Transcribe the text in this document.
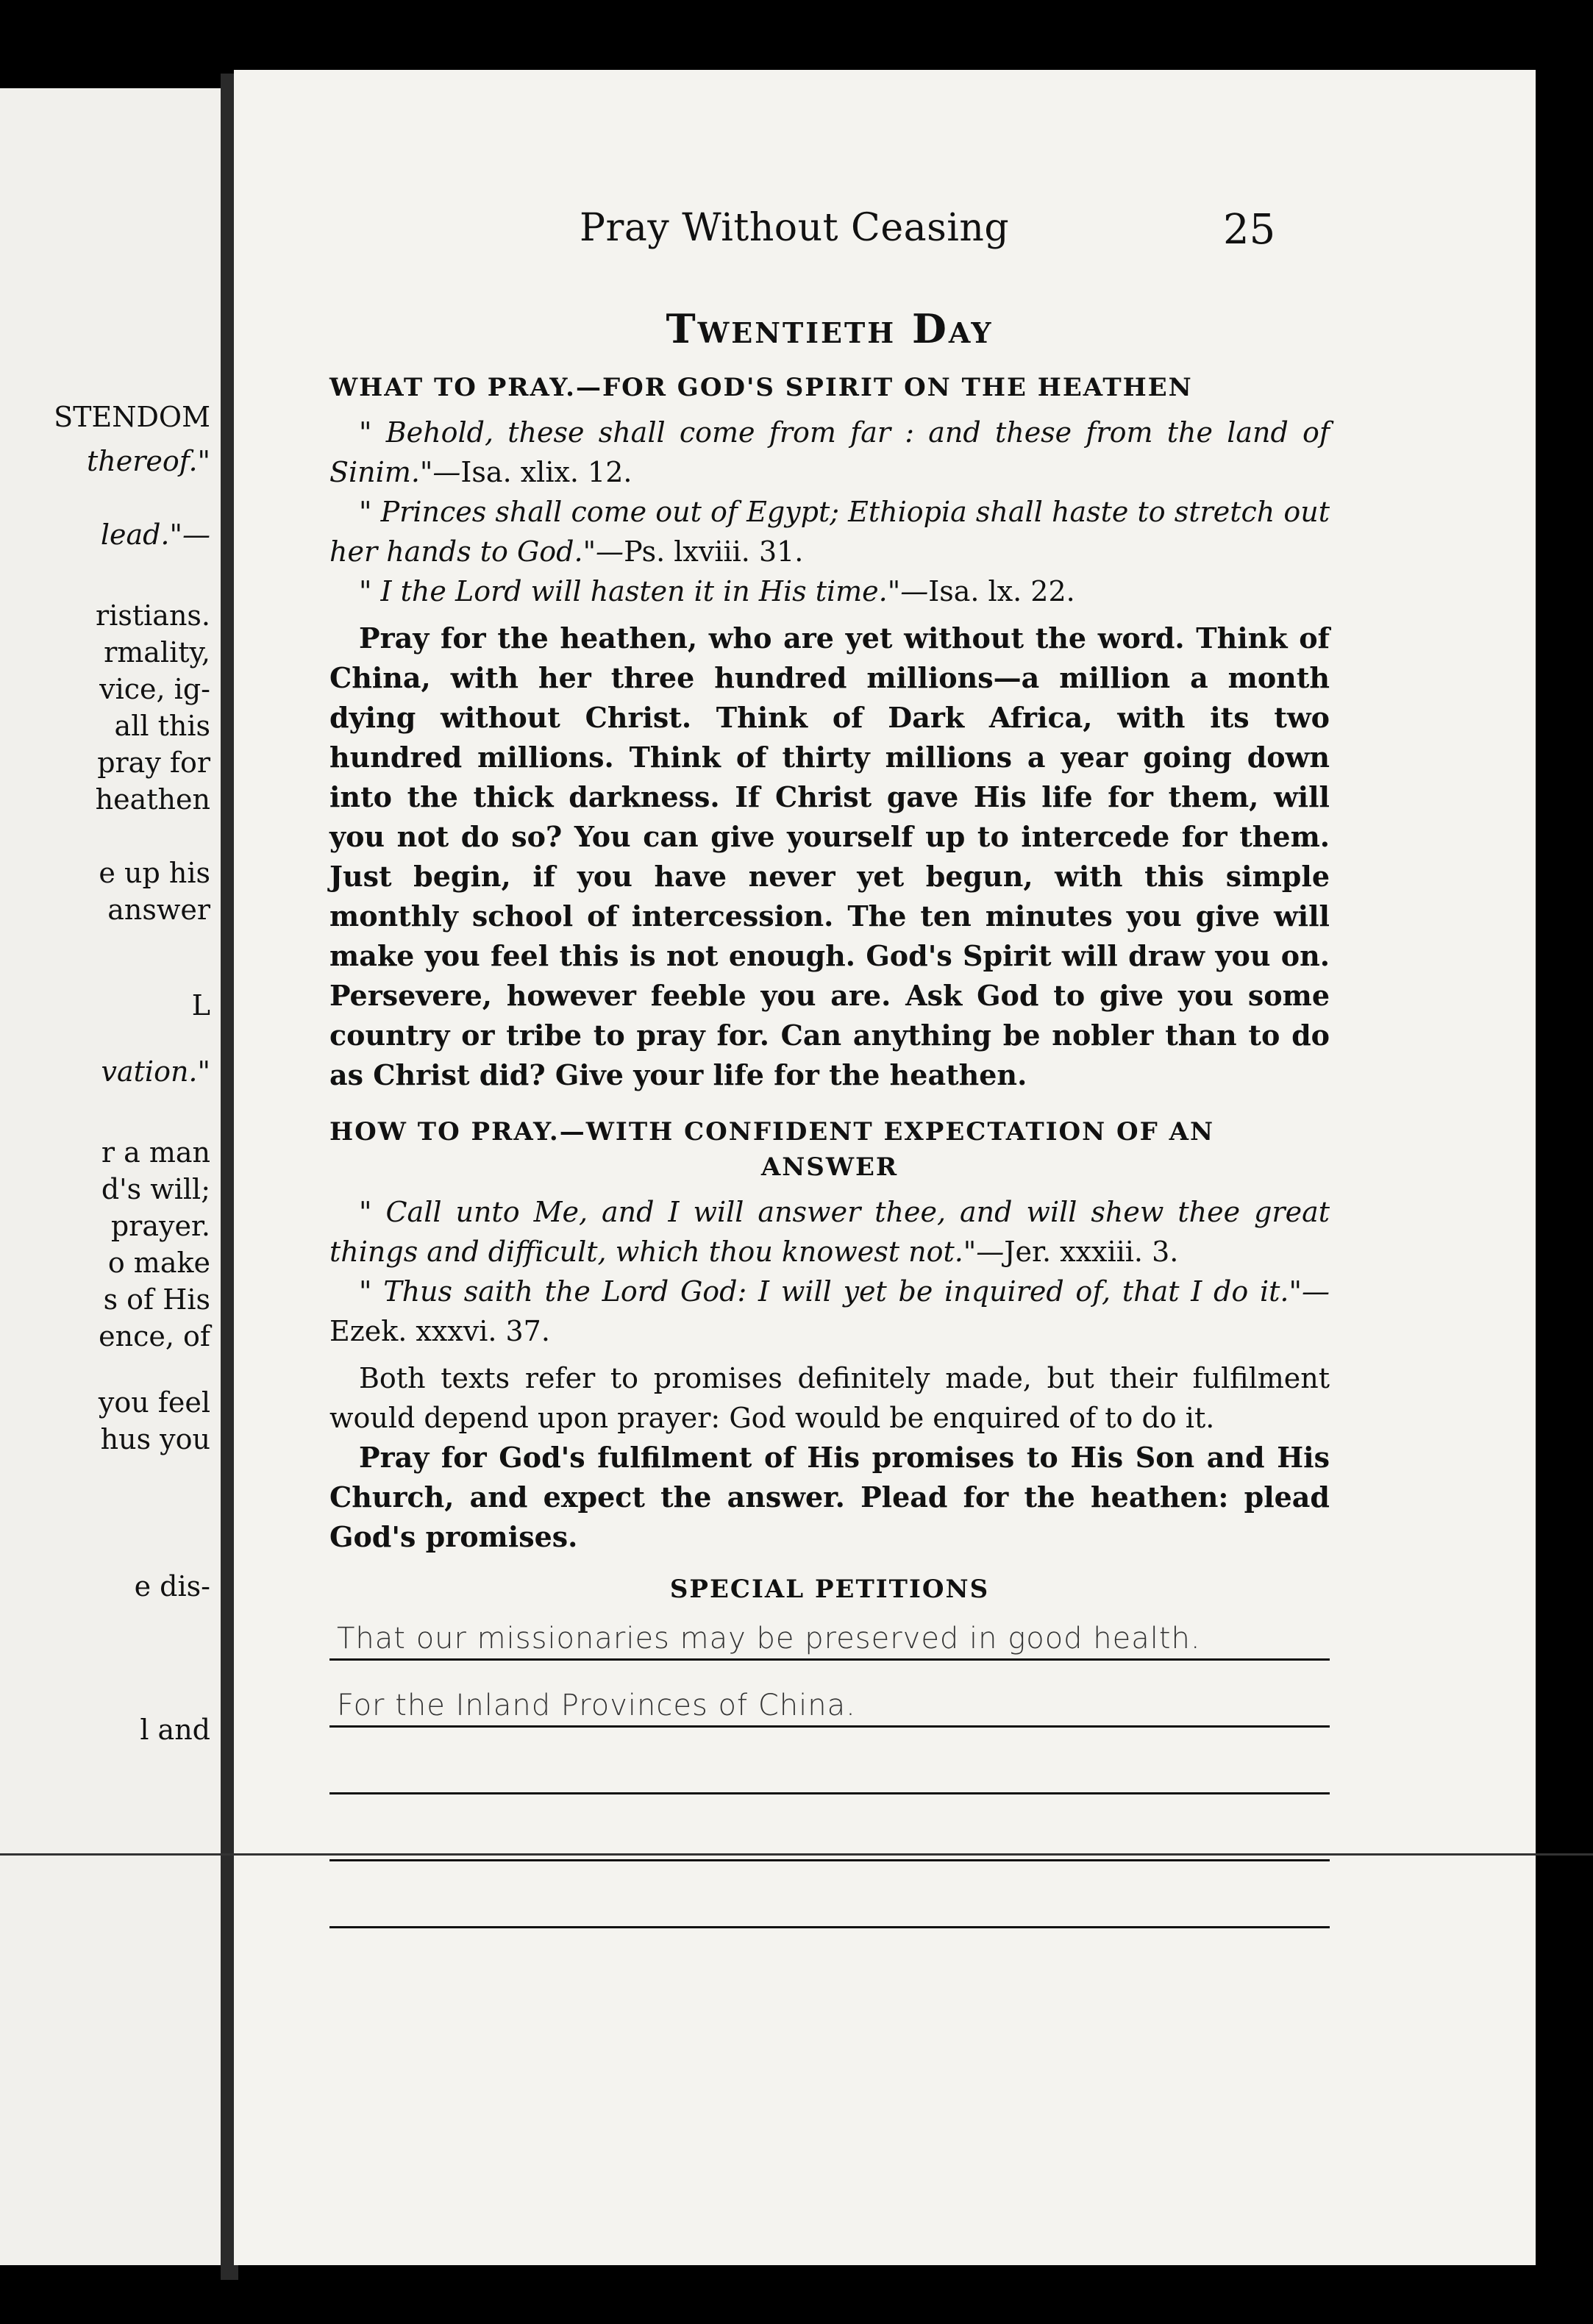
STENDOM
thereof."
lead."—
ristians.
rmality,
vice, ig-
all this
pray for
heathen
e up his
answer
L
vation."
r a man
d's will;
prayer.
o make
s of His
ence, of
you feel
hus you
e dis-
l and
Pray Without Ceasing	25
Twentieth Day
WHAT TO PRAY.—FOR GOD'S SPIRIT ON THE HEATHEN

" Behold, these shall come from far : and these from the land of Sinim."—Isa. xlix. 12.

" Princes shall come out of Egypt; Ethiopia shall haste to stretch out her hands to God."—Ps. lxviii. 31.

" I the Lord will hasten it in His time."—Isa. lx. 22.

Pray for the heathen, who are yet without the word. Think of China, with her three hundred millions—a million a month dying without Christ. Think of Dark Africa, with its two hundred millions. Think of thirty millions a year going down into the thick darkness. If Christ gave His life for them, will you not do so? You can give yourself up to intercede for them. Just begin, if you have never yet begun, with this simple monthly school of intercession. The ten minutes you give will make you feel this is not enough. God's Spirit will draw you on. Persevere, however feeble you are. Ask God to give you some country or tribe to pray for. Can anything be nobler than to do as Christ did? Give your life for the heathen.

HOW TO PRAY.—WITH CONFIDENT EXPECTATION OF AN
ANSWER

" Call unto Me, and I will answer thee, and will shew thee great things and difficult, which thou knowest not."—Jer. xxxiii. 3.

" Thus saith the Lord God: I will yet be inquired of, that I do it."—Ezek. xxxvi. 37.

Both texts refer to promises definitely made, but their fulfilment would depend upon prayer: God would be enquired of to do it.

Pray for God's fulfilment of His promises to His Son and His Church, and expect the answer. Plead for the heathen: plead God's promises.

SPECIAL PETITIONS
That our missionaries may be preserved in good health.
For the Inland Provinces of China.
